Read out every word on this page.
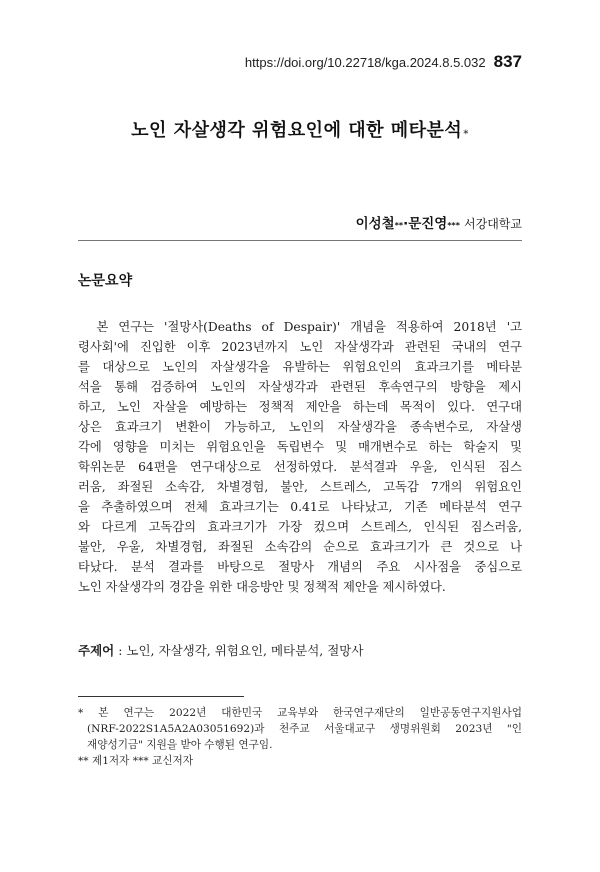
https://doi.org/10.22718/kga.2024.8.5.032 837
노인 자살생각 위험요인에 대한 메타분석*
이성철**·문진영*** 서강대학교
논문요약
　본 연구는 '절망사(Deaths of Despair)' 개념을 적용하여 2018년 '고
령사회'에 진입한 이후 2023년까지 노인 자살생각과 관련된 국내의 연구
를 대상으로 노인의 자살생각을 유발하는 위험요인의 효과크기를 메타분
석을 통해 검증하여 노인의 자살생각과 관련된 후속연구의 방향을 제시
하고, 노인 자살을 예방하는 정책적 제안을 하는데 목적이 있다. 연구대
상은 효과크기 변환이 가능하고, 노인의 자살생각을 종속변수로, 자살생
각에 영향을 미치는 위험요인을 독립변수 및 매개변수로 하는 학술지 및
학위논문 64편을 연구대상으로 선정하였다. 분석결과 우울, 인식된 짐스
러움, 좌절된 소속감, 차별경험, 불안, 스트레스, 고독감 7개의 위험요인
을 추출하였으며 전체 효과크기는 0.41로 나타났고, 기존 메타분석 연구
와 다르게 고독감의 효과크기가 가장 컸으며 스트레스, 인식된 짐스러움,
불안, 우울, 차별경험, 좌절된 소속감의 순으로 효과크기가 큰 것으로 나
타났다. 분석 결과를 바탕으로 절망사 개념의 주요 시사점을 중심으로
노인 자살생각의 경감을 위한 대응방안 및 정책적 제안을 제시하였다.
주제어 : 노인, 자살생각, 위험요인, 메타분석, 절망사
* 본 연구는 2022년 대한민국 교육부와 한국연구재단의 일반공동연구지원사업
(NRF-2022S1A5A2A03051692)과 천주교 서울대교구 생명위원회 2023년 "인
재양성기금" 지원을 받아 수행된 연구임.
** 제1저자 *** 교신저자
